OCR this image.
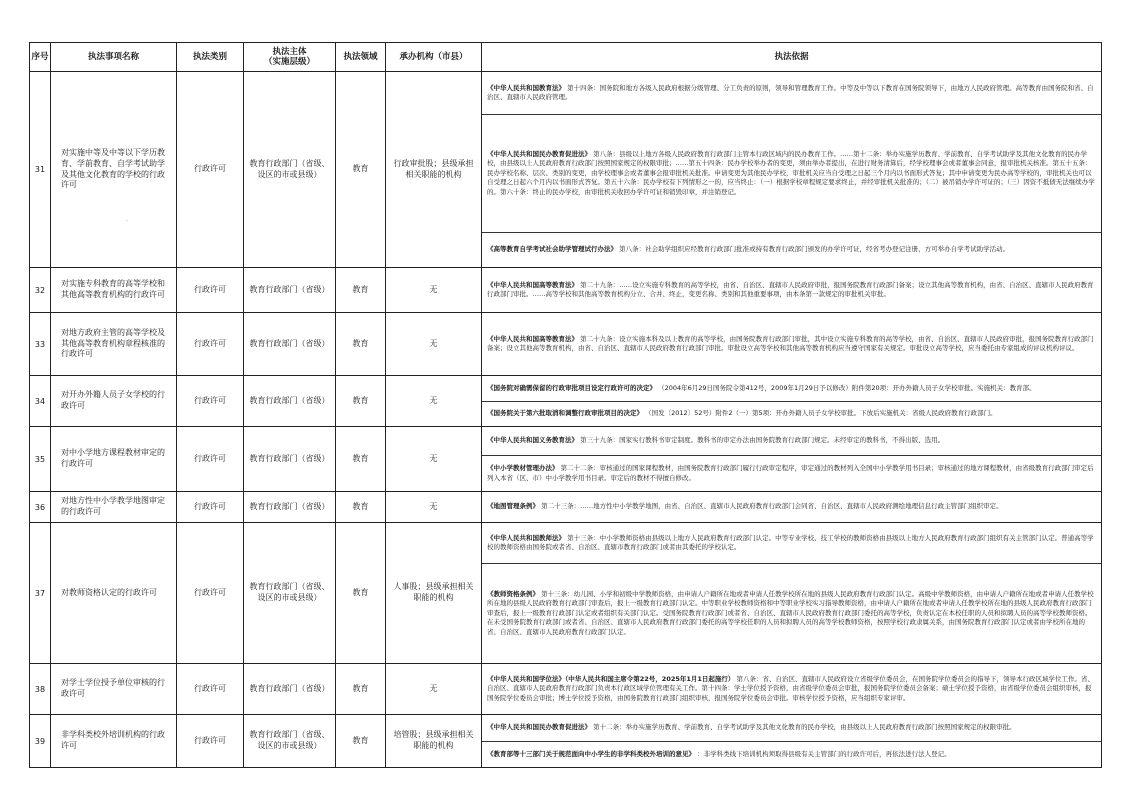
序号	执法事项名称	执法类别	执法主体
（实施层级）	执法领域	承办机构（市县）	执法依据
31	对实施中等及中等以下学历教育、学前教育、自学考试助学及其他文化教育的学校的行政许可	行政许可	教育行政部门（省级、设区的市或县级）	教育	行政审批股；县级承担相关职能的机构	《中华人民共和国教育法》 第十四条：国务院和地方各级人民政府根据分级管理、分工负责的原则，领导和管理教育工作。中等及中等以下教育在国务院领导下，由地方人民政府管理。高等教育由国务院和省、自治区、直辖市人民政府管理。
《中华人民共和国民办教育促进法》 第八条：县级以上地方各级人民政府教育行政部门主管本行政区域内的民办教育工作。……第十二条：举办实施学历教育、学前教育、自学考试助学及其他文化教育的民办学校，由县级以上人民政府教育行政部门按照国家规定的权限审批；……第五十四条：民办学校举办者的变更，须由举办者提出，在进行财务清算后，经学校理事会或者董事会同意，报审批机关核准。第五十五条：民办学校名称、层次、类别的变更，由学校理事会或者董事会报审批机关批准。申请变更为其他民办学校，审批机关应当自受理之日起三个月内以书面形式答复；其中申请变更为民办高等学校的，审批机关也可以自受理之日起六个月内以书面形式答复。第五十六条：民办学校有下列情形之一的，应当终止：（一）根据学校章程规定要求终止，并经审批机关批准的；（二）被吊销办学许可证的；（三）因资不抵债无法继续办学的。第六十条：终止的民办学校，由审批机关收回办学许可证和销毁印章，并注销登记。
《高等教育自学考试社会助学管理试行办法》 第八条：社会助学组织应经教育行政部门批准或持有教育行政部门颁发的办学许可证，经省考办登记注册，方可举办自学考试助学活动。

32	对实施专科教育的高等学校和其他高等教育机构的行政许可	行政许可	教育行政部门（省级）	教育	无	《中华人民共和国高等教育法》 第二十九条：……设立实施专科教育的高等学校，由省、自治区、直辖市人民政府审批，报国务院教育行政部门备案；设立其他高等教育机构，由省、自治区、直辖市人民政府教育行政部门审批。……高等学校和其他高等教育机构分立、合并、终止，变更名称、类别和其他重要事项，由本条第一款规定的审批机关审批。

33	对地方政府主管的高等学校及其他高等教育机构章程核准的行政许可	行政许可	教育行政部门（省级）	教育	无	《中华人民共和国高等教育法》 第二十九条：设立实施本科及以上教育的高等学校，由国务院教育行政部门审批，其中设立实施专科教育的高等学校，由省、自治区、直辖市人民政府审批，报国务院教育行政部门备案；设立其他高等教育机构，由省、自治区、直辖市人民政府教育行政部门审批。审批设立高等学校和其他高等教育机构应当遵守国家有关规定。审批设立高等学校，应当委托由专家组成的评议机构评议。

34	对开办外籍人员子女学校的行政许可	行政许可	教育行政部门（省级）	教育	无	《国务院对确需保留的行政审批项目设定行政许可的决定》 （2004年6月29日国务院令第412号，2009年1月29日予以修改）附件第20项：开办外籍人员子女学校审批。实施机关：教育部。
《国务院关于第六批取消和调整行政审批项目的决定》 （国发〔2012〕52号）附件2（一）第5项：开办外籍人员子女学校审批。下放后实施机关：省级人民政府教育行政部门。

35	对中小学地方课程教材审定的行政许可	行政许可	教育行政部门（省级）	教育	无	《中华人民共和国义务教育法》 第三十九条：国家实行教科书审定制度。教科书的审定办法由国务院教育行政部门规定。未经审定的教科书，不得出版、选用。
《中小学教材管理办法》 第二十二条：审核通过的国家课程教材，由国务院教育行政部门履行行政审定程序，审定通过的教材列入全国中小学教学用书目录；审核通过的地方课程教材，由省级教育行政部门审定后列入本省（区、市）中小学教学用书目录。审定后的教材不得擅自修改。

36	对地方性中小学教学地图审定的行政许可	行政许可	教育行政部门（省级）	教育	无	《地图管理条例》 第二十三条：……地方性中小学教学地图，由省、自治区、直辖市人民政府教育行政部门会同省、自治区、直辖市人民政府测绘地理信息行政主管部门组织审定。

37	对教师资格认定的行政许可	行政许可	教育行政部门（省级、设区的市或县级）	教育	人事股；县级承担相关职能的机构	《中华人民共和国教师法》 第十三条：中小学教师资格由县级以上地方人民政府教育行政部门认定。中等专业学校、技工学校的教师资格由县级以上地方人民政府教育行政部门组织有关主管部门认定。普通高等学校的教师资格由国务院或者省、自治区、直辖市教育行政部门或者由其委托的学校认定。
《教师资格条例》 第十三条：幼儿园、小学和初级中学教师资格，由申请人户籍所在地或者申请人任教学校所在地的县级人民政府教育行政部门认定。高级中学教师资格，由申请人户籍所在地或者申请人任教学校所在地的县级人民政府教育行政部门审查后，报上一级教育行政部门认定。中等职业学校教师资格和中等职业学校实习指导教师资格，由申请人户籍所在地或者申请人任教学校所在地的县级人民政府教育行政部门审查后，报上一级教育行政部门认定或者组织有关部门认定。受国务院教育行政部门或者省、自治区、直辖市人民政府教育行政部门委托的高等学校，负责认定在本校任职的人员和拟聘人员的高等学校教师资格。在未受国务院教育行政部门或者省、自治区、直辖市人民政府教育行政部门委托的高等学校任职的人员和拟聘人员的高等学校教师资格，按照学校行政隶属关系，由国务院教育行政部门认定或者由学校所在地的省、自治区、直辖市人民政府教育行政部门认定。

38	对学士学位授予单位审核的行政许可	行政许可	教育行政部门（省级）	教育	无	《中华人民共和国学位法》（中华人民共和国主席令第22号，2025年1月1日起施行） 第八条：省、自治区、直辖市人民政府设立省级学位委员会，在国务院学位委员会的指导下，领导本行政区域学位工作。省、自治区、直辖市人民政府教育行政部门负责本行政区域学位管理有关工作。第十四条：学士学位授予资格，由省级学位委员会审批，报国务院学位委员会备案；硕士学位授予资格，由省级学位委员会组织审核，报国务院学位委员会审批；博士学位授予资格，由国务院教育行政部门组织审核，报国务院学位委员会审批。审核学位授予资格，应当组织专家评审。

39	非学科类校外培训机构的行政许可	行政许可	教育行政部门（省级、设区的市或县级）	教育	培管股；县级承担相关职能的机构	《中华人民共和国民办教育促进法》 第十二条：举办实施学历教育、学前教育、自学考试助学及其他文化教育的民办学校，由县级以上人民政府教育行政部门按照国家规定的权限审批。
《教育部等十三部门关于规范面向中小学生的非学科类校外培训的意见》 ：非学科类线下培训机构须取得县级有关主管部门的行政许可后，再依法进行法人登记。
·
